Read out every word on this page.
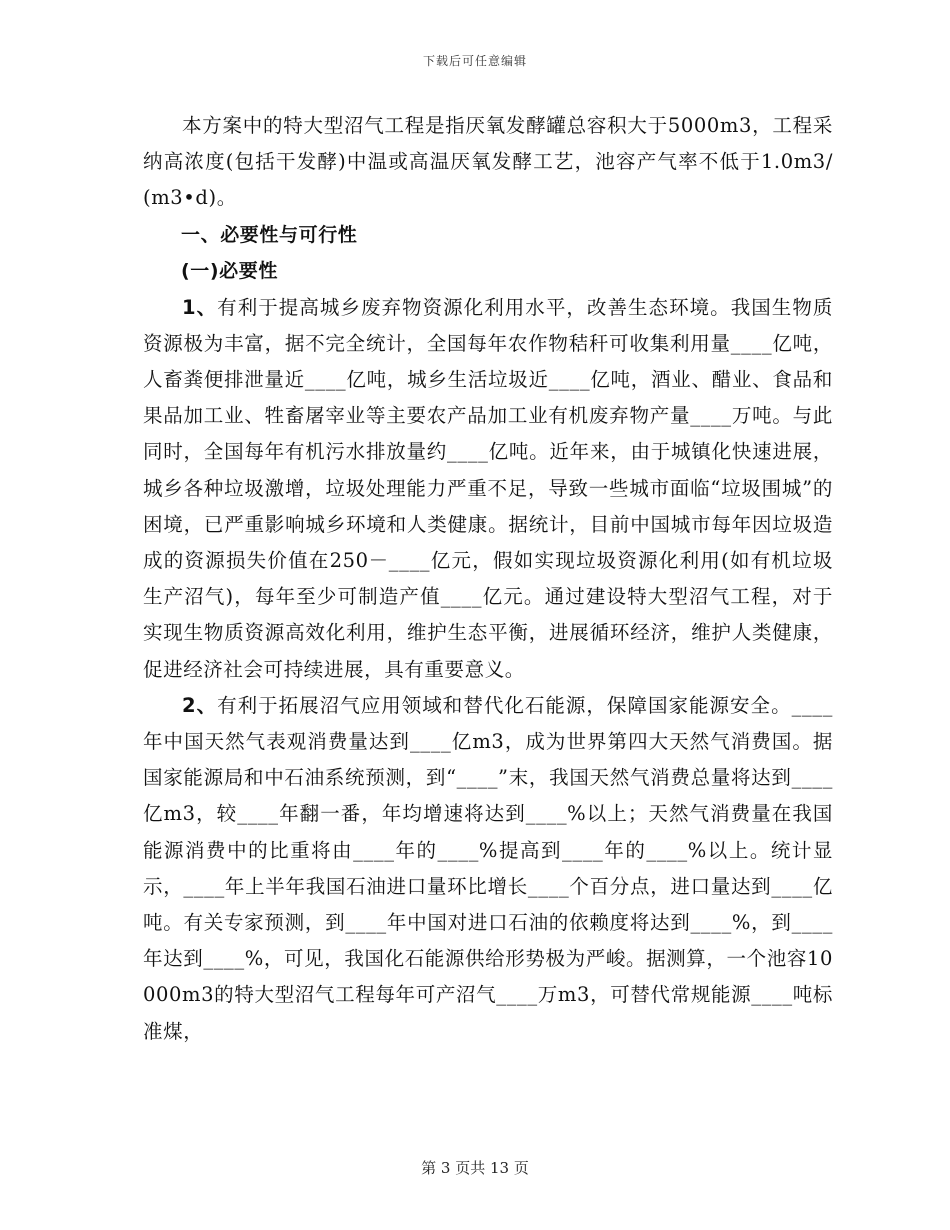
下载后可任意编辑

本方案中的特大型沼气工程是指厌氧发酵罐总容积大于5000m3，工程采纳高浓度(包括干发酵)中温或高温厌氧发酵工艺，池容产气率不低于1.0m3/(m3•d)。

一、必要性与可行性

(一)必要性

1、有利于提高城乡废弃物资源化利用水平，改善生态环境。我国生物质资源极为丰富，据不完全统计，全国每年农作物秸秆可收集利用量____亿吨，人畜粪便排泄量近____亿吨，城乡生活垃圾近____亿吨，酒业、醋业、食品和果品加工业、牲畜屠宰业等主要农产品加工业有机废弃物产量____万吨。与此同时，全国每年有机污水排放量约____亿吨。近年来，由于城镇化快速进展，城乡各种垃圾激增，垃圾处理能力严重不足，导致一些城市面临“垃圾围城”的困境，已严重影响城乡环境和人类健康。据统计，目前中国城市每年因垃圾造成的资源损失价值在250－____亿元，假如实现垃圾资源化利用(如有机垃圾生产沼气)，每年至少可制造产值____亿元。通过建设特大型沼气工程，对于实现生物质资源高效化利用，维护生态平衡，进展循环经济，维护人类健康，促进经济社会可持续进展，具有重要意义。

2、有利于拓展沼气应用领域和替代化石能源，保障国家能源安全。____年中国天然气表观消费量达到____亿m3，成为世界第四大天然气消费国。据国家能源局和中石油系统预测，到“____”末，我国天然气消费总量将达到____亿m3，较____年翻一番，年均增速将达到____%以上；天然气消费量在我国能源消费中的比重将由____年的____%提高到____年的____%以上。统计显示，____年上半年我国石油进口量环比增长____个百分点，进口量达到____亿吨。有关专家预测，到____年中国对进口石油的依赖度将达到____%，到____年达到____%，可见，我国化石能源供给形势极为严峻。据测算，一个池容10000m3的特大型沼气工程每年可产沼气____万m3，可替代常规能源____吨标准煤，

第 3 页共 13 页
